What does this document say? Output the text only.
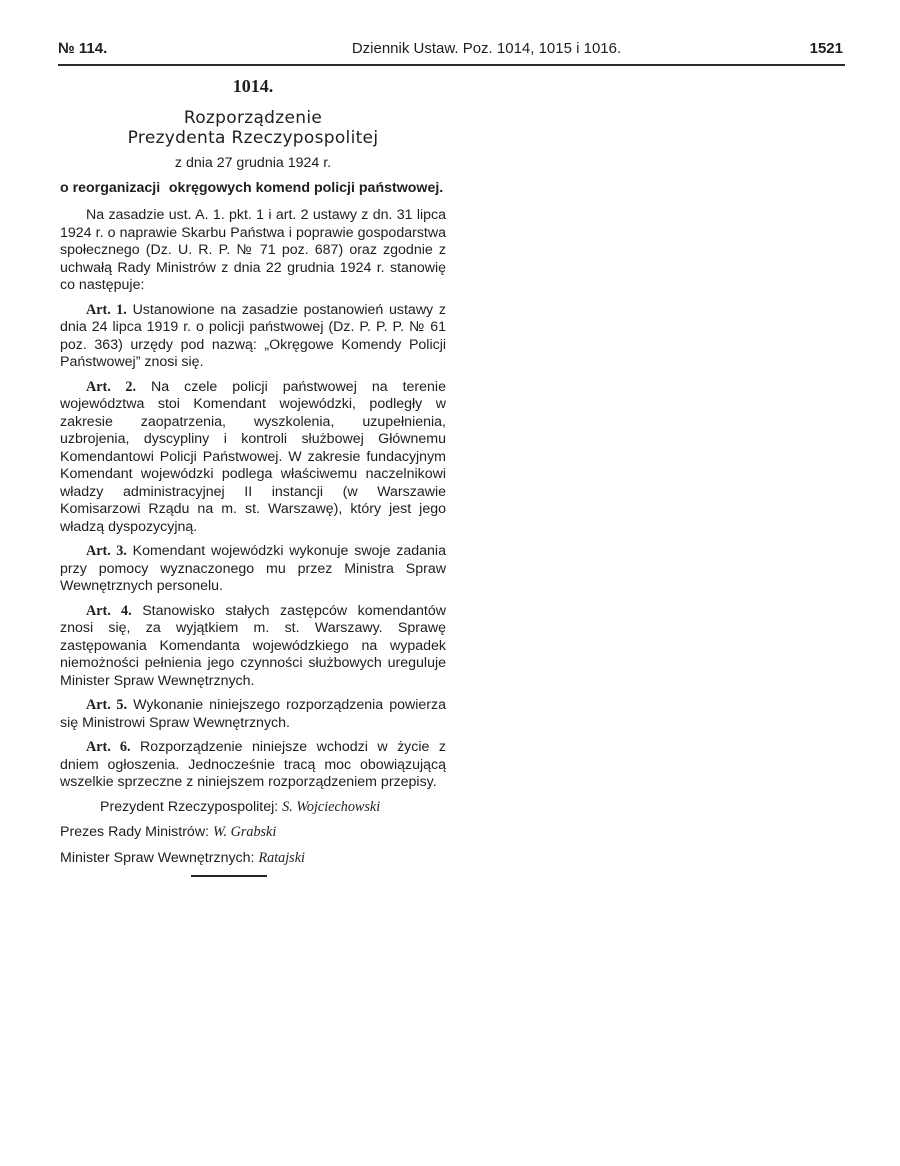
№ 114.	Dziennik Ustaw. Poz. 1014, 1015 i 1016.	1521
1014.
Rozporządzenie
Prezydenta Rzeczypospolitej
z dnia 27 grudnia 1924 r.
o reorganizacji okręgowych komend policji państwowej.

Na zasadzie ust. A. 1. pkt. 1 i art. 2 ustawy z dn. 31 lipca 1924 r. o naprawie Skarbu Państwa i poprawie gospodarstwa społecznego (Dz. U. R. P. № 71 poz. 687) oraz zgodnie z uchwałą Rady Ministrów z dnia 22 grudnia 1924 r. stanowię co następuje:

Art. 1. Ustanowione na zasadzie postanowień ustawy z dnia 24 lipca 1919 r. o policji państwowej (Dz. P. P. P. № 61 poz. 363) urzędy pod nazwą: „Okręgowe Komendy Policji Państwowej” znosi się.

Art. 2. Na czele policji państwowej na terenie województwa stoi Komendant wojewódzki, podległy w zakresie zaopatrzenia, wyszkolenia, uzupełnienia, uzbrojenia, dyscypliny i kontroli służbowej Głównemu Komendantowi Policji Państwowej. W zakresie fundacyjnym Komendant wojewódzki podlega właściwemu naczelnikowi władzy administracyjnej II instancji (w Warszawie Komisarzowi Rządu na m. st. Warszawę), który jest jego władzą dyspozycyjną.

Art. 3. Komendant wojewódzki wykonuje swoje zadania przy pomocy wyznaczonego mu przez Ministra Spraw Wewnętrznych personelu.

Art. 4. Stanowisko stałych zastępców komendantów znosi się, za wyjątkiem m. st. Warszawy. Sprawę zastępowania Komendanta wojewódzkiego na wypadek niemożności pełnienia jego czynności służbowych ureguluje Minister Spraw Wewnętrznych.

Art. 5. Wykonanie niniejszego rozporządzenia powierza się Ministrowi Spraw Wewnętrznych.

Art. 6. Rozporządzenie niniejsze wchodzi w życie z dniem ogłoszenia. Jednocześnie tracą moc obowiązującą wszelkie sprzeczne z niniejszem rozporządzeniem przepisy.

Prezydent Rzeczypospolitej: S. Wojciechowski
Prezes Rady Ministrów: W. Grabski
Minister Spraw Wewnętrznych: Ratajski
